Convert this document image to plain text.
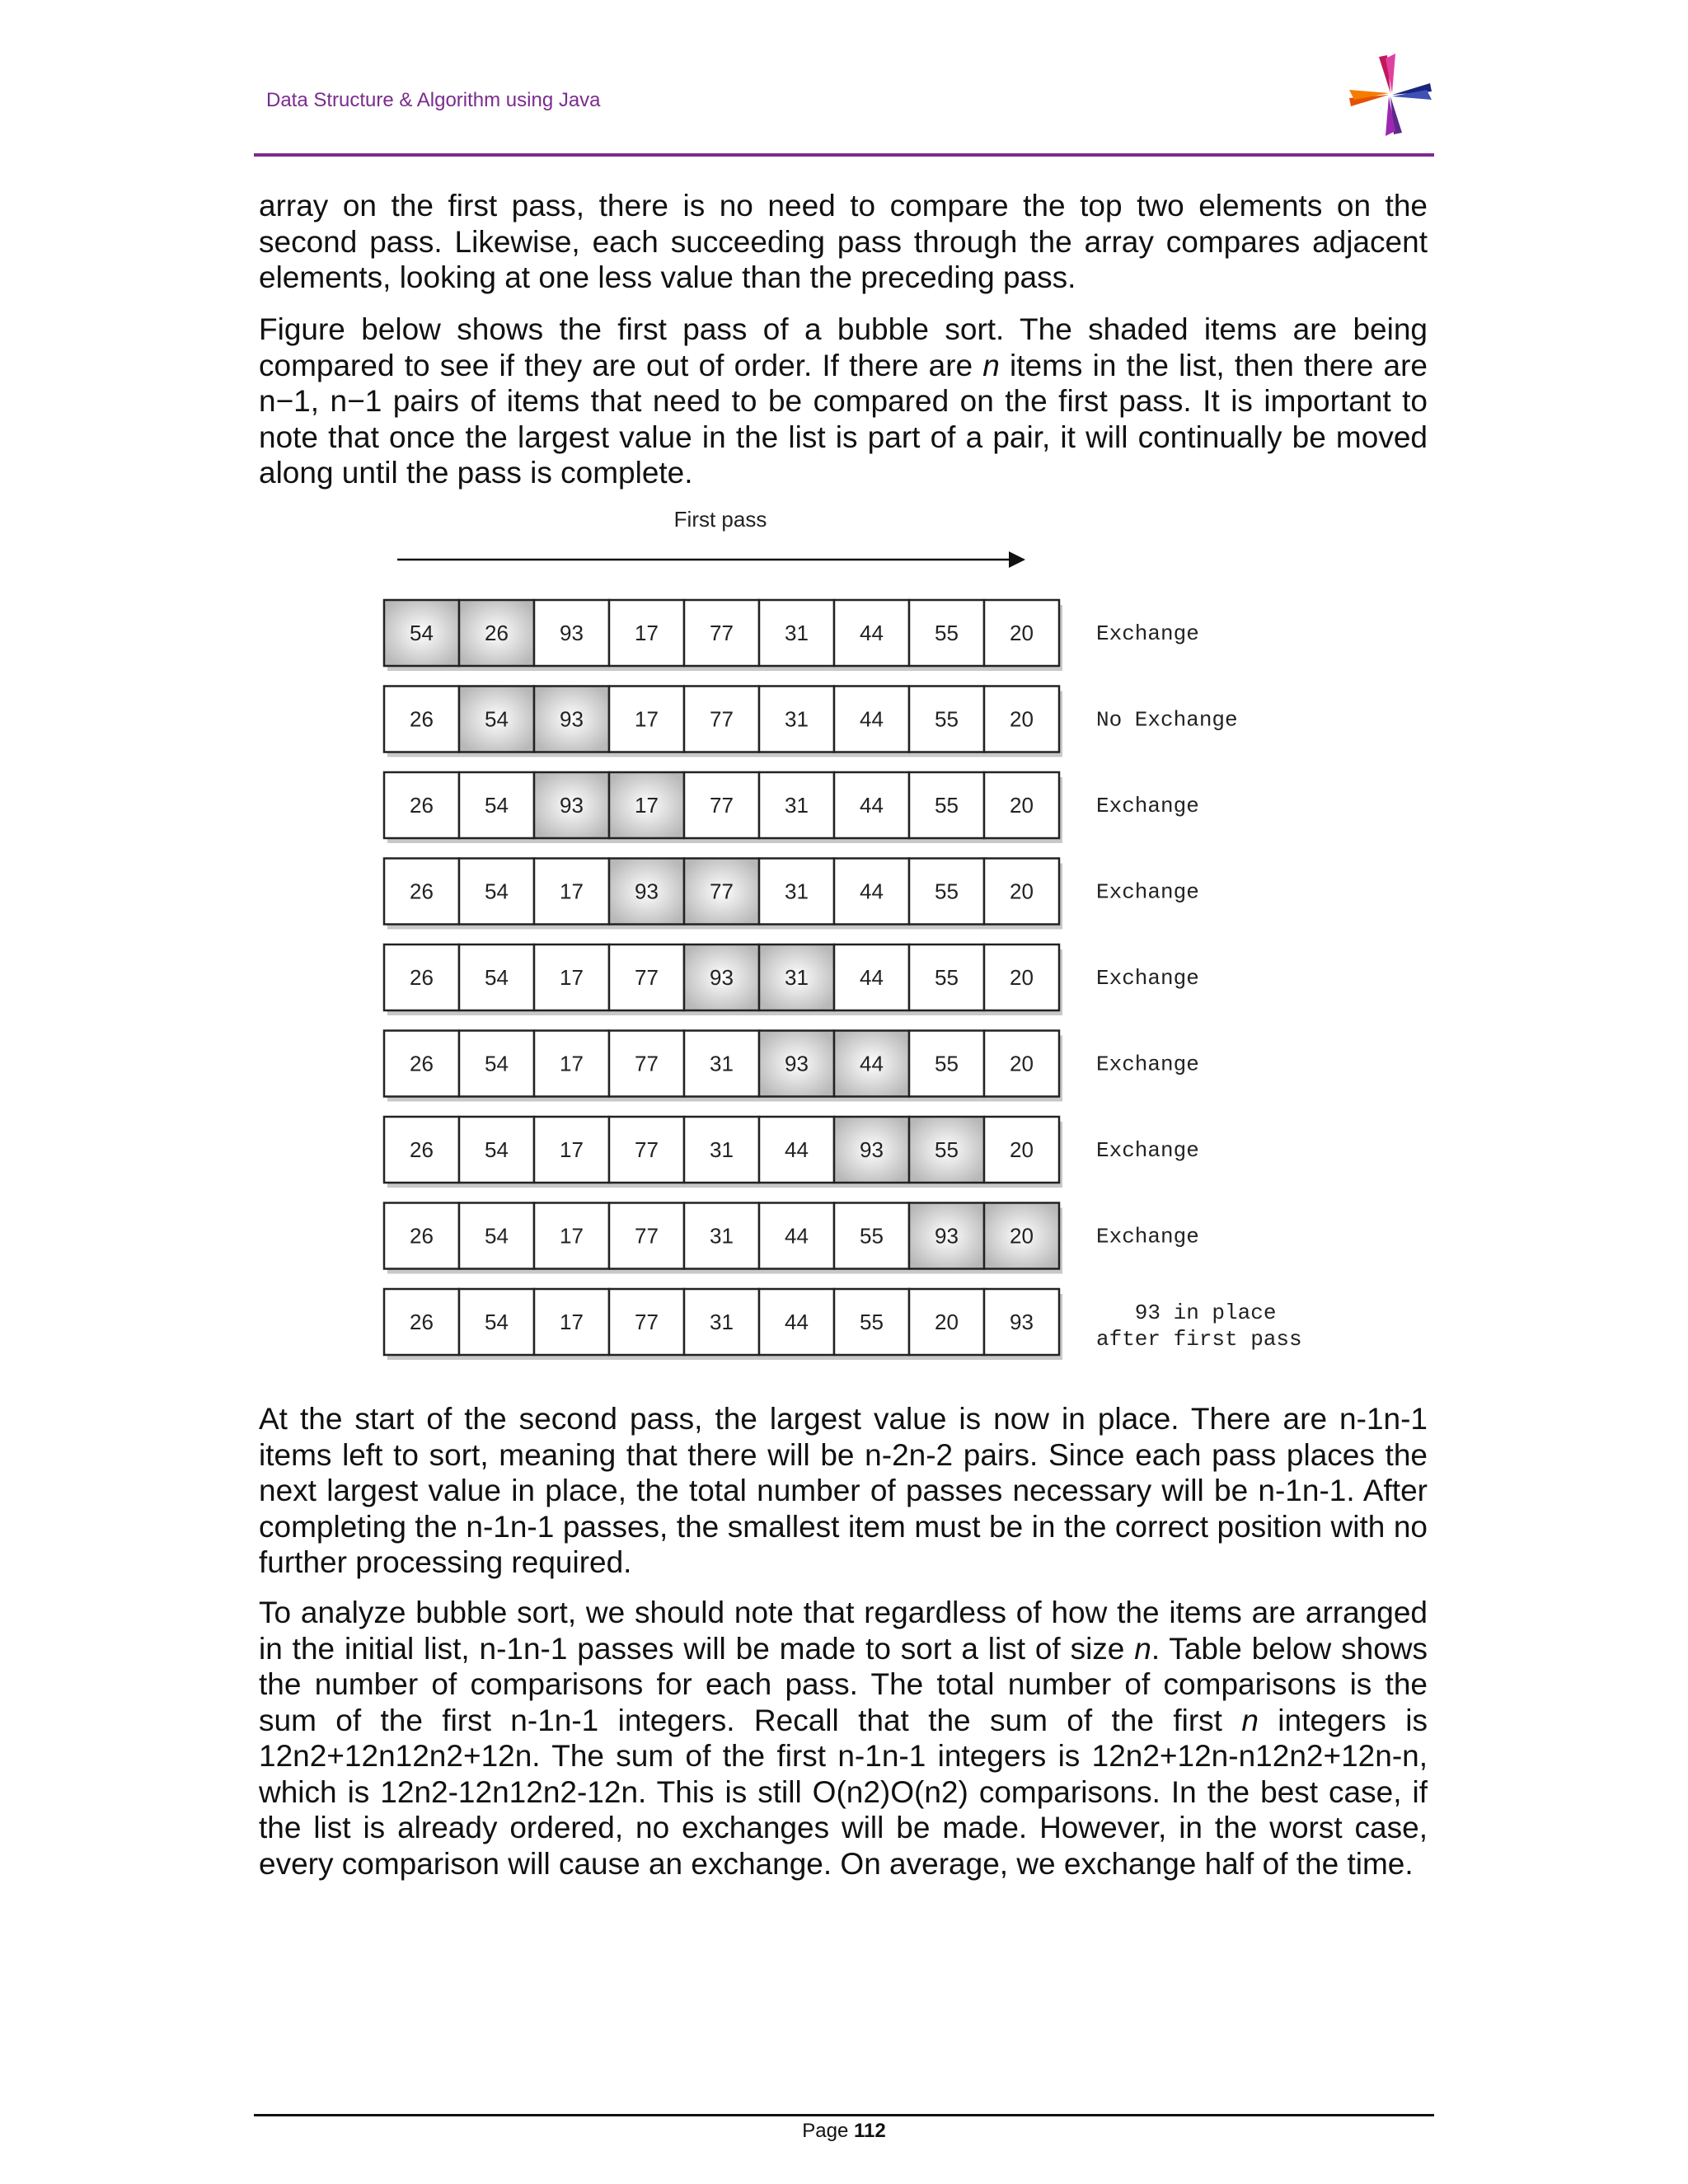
Data Structure & Algorithm using Java

array on the first pass, there is no need to compare the top two elements on the second pass. Likewise, each succeeding pass through the array compares adjacent elements, looking at one less value than the preceding pass.

Figure below shows the first pass of a bubble sort. The shaded items are being compared to see if they are out of order. If there are n items in the list, then there are n−1, n−1 pairs of items that need to be compared on the first pass. It is important to note that once the largest value in the list is part of a pair, it will continually be moved along until the pass is complete.

First pass
54 26 93 17 77 31 44 55 20	Exchange
26 54 93 17 77 31 44 55 20	No Exchange
26 54 93 17 77 31 44 55 20	Exchange
26 54 17 93 77 31 44 55 20	Exchange
26 54 17 77 93 31 44 55 20	Exchange
26 54 17 77 31 93 44 55 20	Exchange
26 54 17 77 31 44 93 55 20	Exchange
26 54 17 77 31 44 55 93 20	Exchange
26 54 17 77 31 44 55 20 93	93 in place
after first pass

At the start of the second pass, the largest value is now in place. There are n-1n-1 items left to sort, meaning that there will be n-2n-2 pairs. Since each pass places the next largest value in place, the total number of passes necessary will be n-1n-1. After completing the n-1n-1 passes, the smallest item must be in the correct position with no further processing required.

To analyze bubble sort, we should note that regardless of how the items are arranged in the initial list, n-1n-1 passes will be made to sort a list of size n. Table below shows the number of comparisons for each pass. The total number of comparisons is the sum of the first n-1n-1 integers. Recall that the sum of the first n integers is 12n2+12n12n2+12n. The sum of the first n-1n-1 integers is 12n2+12n-n12n2+12n-n, which is 12n2-12n12n2-12n. This is still O(n2)O(n2) comparisons. In the best case, if the list is already ordered, no exchanges will be made. However, in the worst case, every comparison will cause an exchange. On average, we exchange half of the time.

Page 112
